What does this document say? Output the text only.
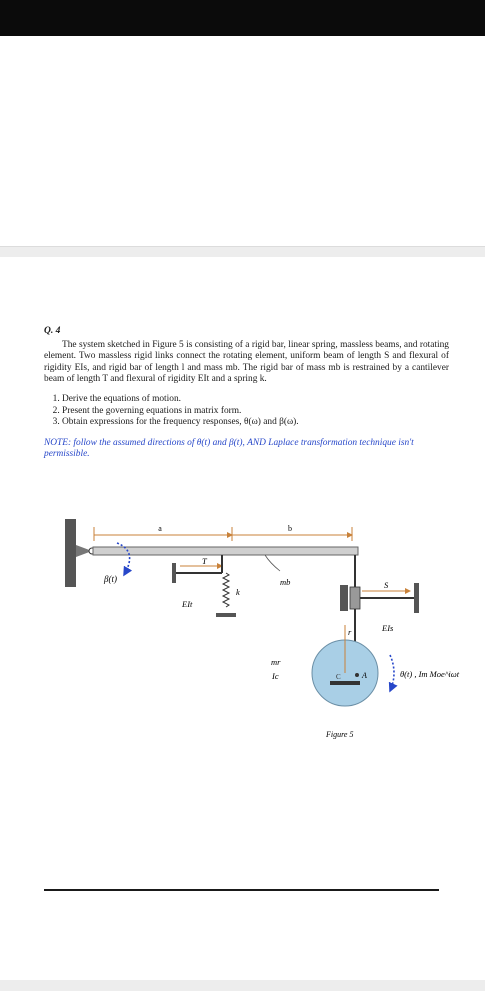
Q. 4

The system sketched in Figure 5 is consisting of a rigid bar, linear spring, massless beams, and rotating element. Two massless rigid links connect the rotating element, uniform beam of length S and flexural of rigidity EIs, and rigid bar of length l and mass mb. The rigid bar of mass mb is restrained by a cantilever beam of length T and flexural of rigidity EIt and a spring k.

1. Derive the equations of motion.
2. Present the governing equations in matrix form.
3. Obtain expressions for the frequency responses, θ(ω) and β(ω).
NOTE: follow the assumed directions of θ(t) and β(t), AND Laplace transformation technique isn't permissible.
a	b
β(t)
T
EIt
k
mb	S
EIs
r
C	A
mr
Ic	θ(t) , Im Moe^iωt
Figure 5
